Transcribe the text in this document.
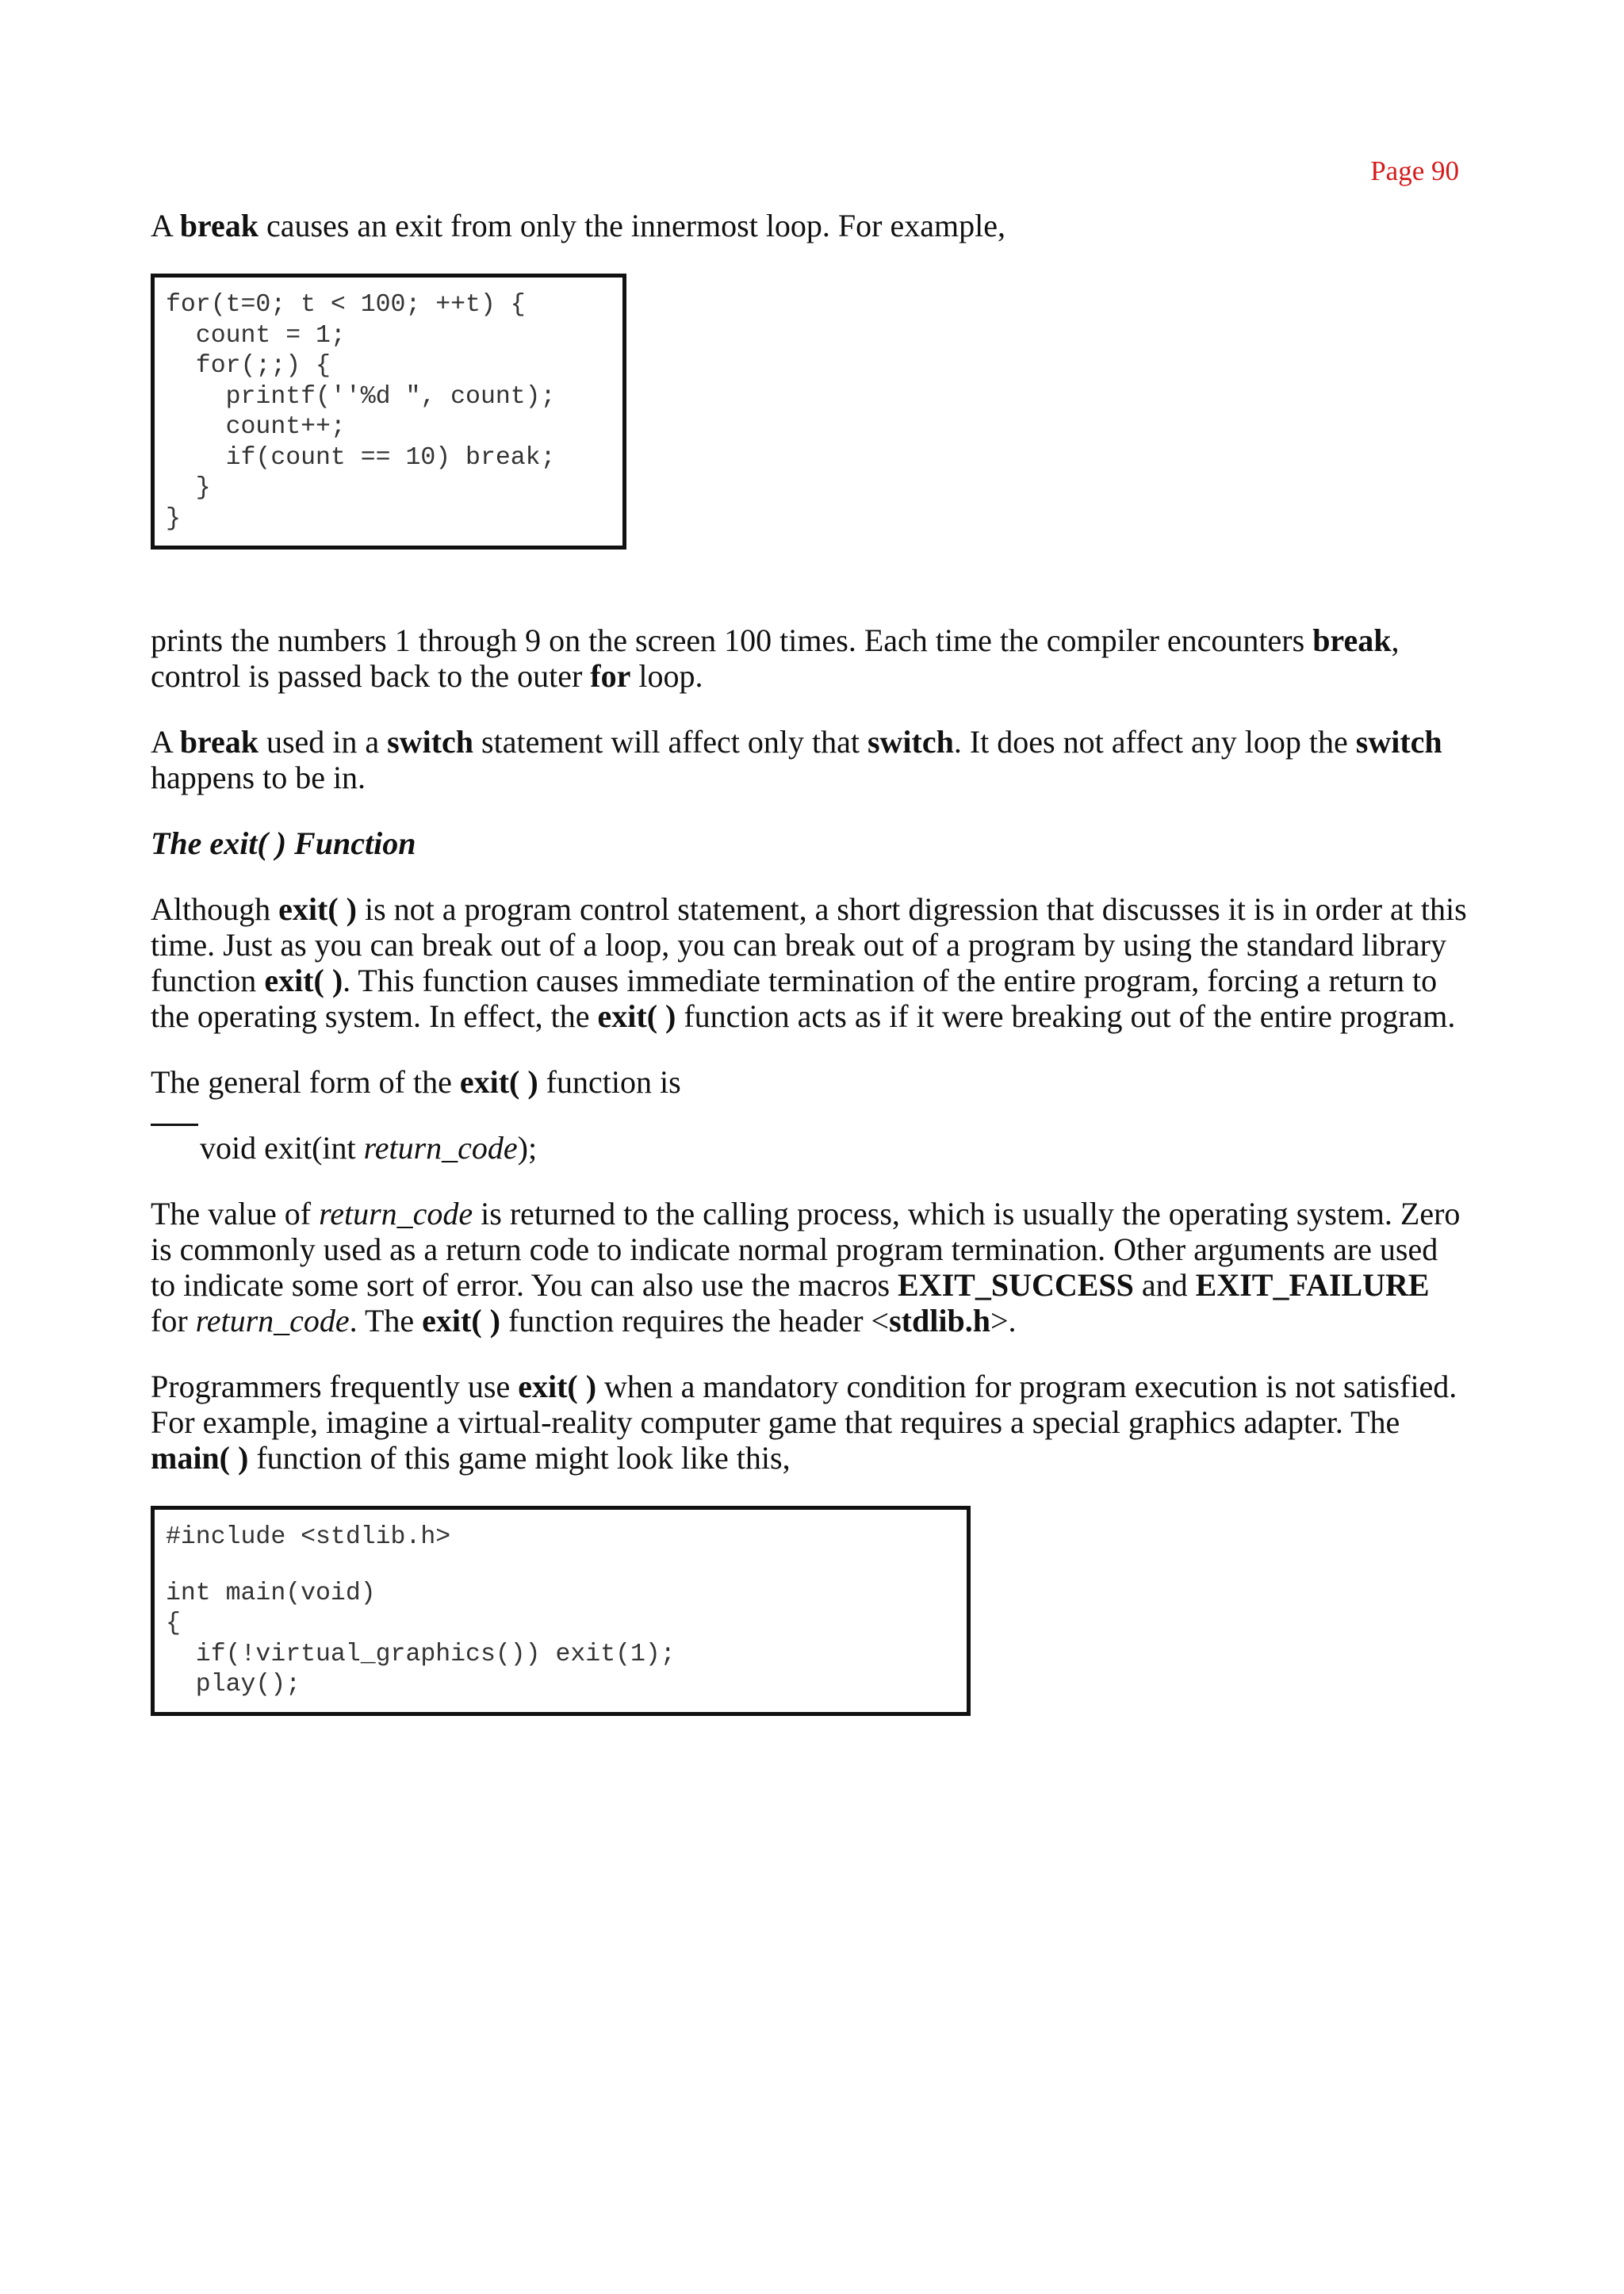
Page 90

A break causes an exit from only the innermost loop. For example,

for(t=0; t < 100; ++t) {
count = 1;
for(;;) {
printf(''%d ", count);
count++;
if(count == 10) break;
}
}

prints the numbers 1 through 9 on the screen 100 times. Each time the compiler encounters break, control is passed back to the outer for loop.

A break used in a switch statement will affect only that switch. It does not affect any loop the switch happens to be in.

The exit( ) Function

Although exit( ) is not a program control statement, a short digression that discusses it is in order at this time. Just as you can break out of a loop, you can break out of a program by using the standard library function exit( ). This function causes immediate termination of the entire program, forcing a return to the operating system. In effect, the exit( ) function acts as if it were breaking out of the entire program.

The general form of the exit( ) function is

void exit(int return_code);

The value of return_code is returned to the calling process, which is usually the operating system. Zero is commonly used as a return code to indicate normal program termination. Other arguments are used to indicate some sort of error. You can also use the macros EXIT_SUCCESS and EXIT_FAILURE for return_code. The exit( ) function requires the header <stdlib.h>.

Programmers frequently use exit( ) when a mandatory condition for program execution is not satisfied. For example, imagine a virtual-reality computer game that requires a special graphics adapter. The main( ) function of this game might look like this,

#include <stdlib.h>
int main(void)
{
if(!virtual_graphics()) exit(1);
play();
